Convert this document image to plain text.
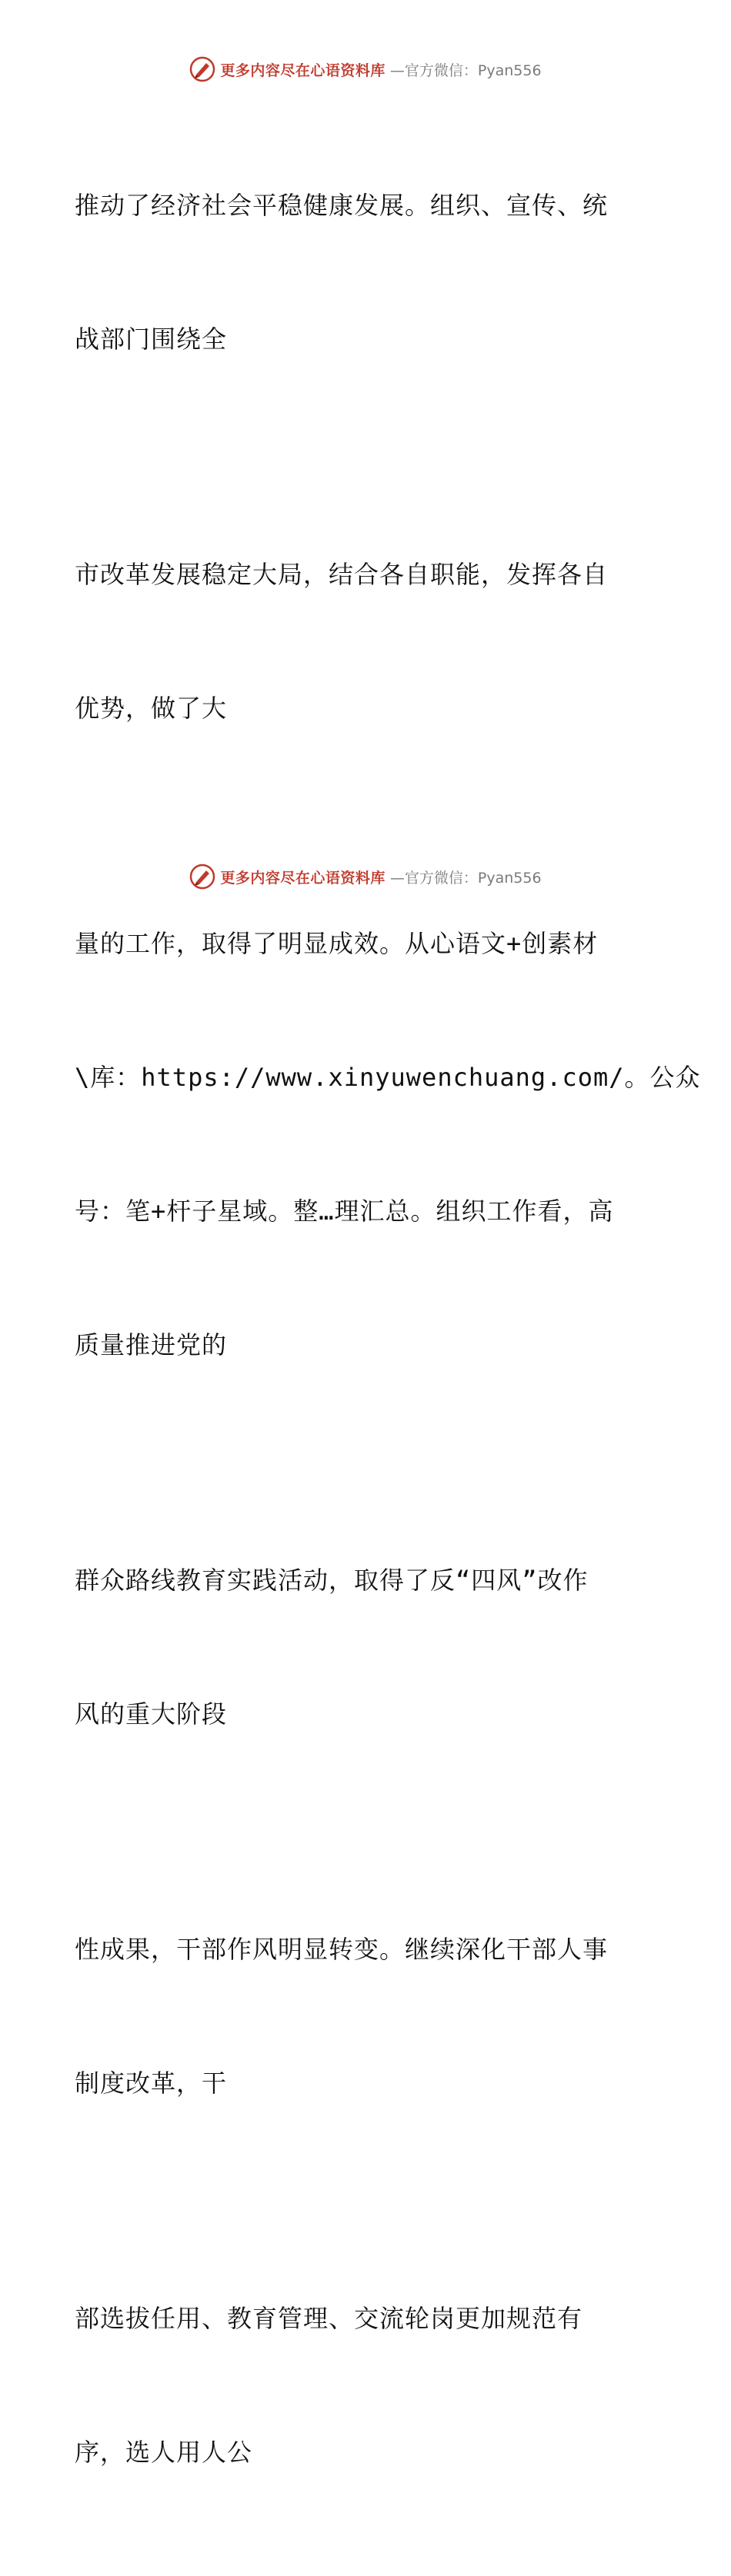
更多内容尽在心语资料库 —官方微信：Pyan556

推动了经济社会平稳健康发展。组织、宣传、统

战部门围绕全

市改革发展稳定大局，结合各自职能，发挥各自

优势，做了大

量的工作，取得了明显成效。从心语文+创素材

\库：https://www.xinyuwenchuang.com/。公众

号：笔+杆子星域。整…理汇总。组织工作看，高

质量推进党的

群众路线教育实践活动，取得了反“四风”改作

风的重大阶段

性成果，干部作风明显转变。继续深化干部人事

制度改革，干

部选拔任用、教育管理、交流轮岗更加规范有

序，选人用人公

更多内容尽在心语资料库 —官方微信：Pyan556
